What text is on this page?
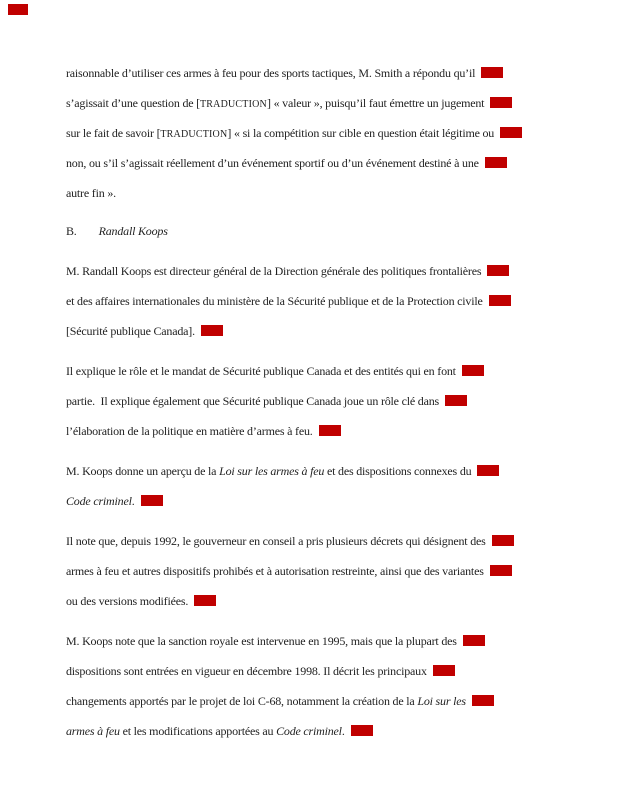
raisonnable d’utiliser ces armes à feu pour des sports tactiques, M. Smith a répondu qu’il
s’agissait d’une question de [TRADUCTION] « valeur », puisqu’il faut émettre un jugement
sur le fait de savoir [TRADUCTION] « si la compétition sur cible en question était légitime ou
non, ou s’il s’agissait réellement d’un événement sportif ou d’un événement destiné à une
autre fin ».
B. Randall Koops
M. Randall Koops est directeur général de la Direction générale des politiques frontalières
et des affaires internationales du ministère de la Sécurité publique et de la Protection civile
[Sécurité publique Canada].
Il explique le rôle et le mandat de Sécurité publique Canada et des entités qui en font
partie.  Il explique également que Sécurité publique Canada joue un rôle clé dans
l’élaboration de la politique en matière d’armes à feu.
M. Koops donne un aperçu de la Loi sur les armes à feu et des dispositions connexes du
Code criminel.
Il note que, depuis 1992, le gouverneur en conseil a pris plusieurs décrets qui désignent des
armes à feu et autres dispositifs prohibés et à autorisation restreinte, ainsi que des variantes
ou des versions modifiées.
M. Koops note que la sanction royale est intervenue en 1995, mais que la plupart des
dispositions sont entrées en vigueur en décembre 1998. Il décrit les principaux
changements apportés par le projet de loi C-68, notamment la création de la Loi sur les
armes à feu et les modifications apportées au Code criminel.
